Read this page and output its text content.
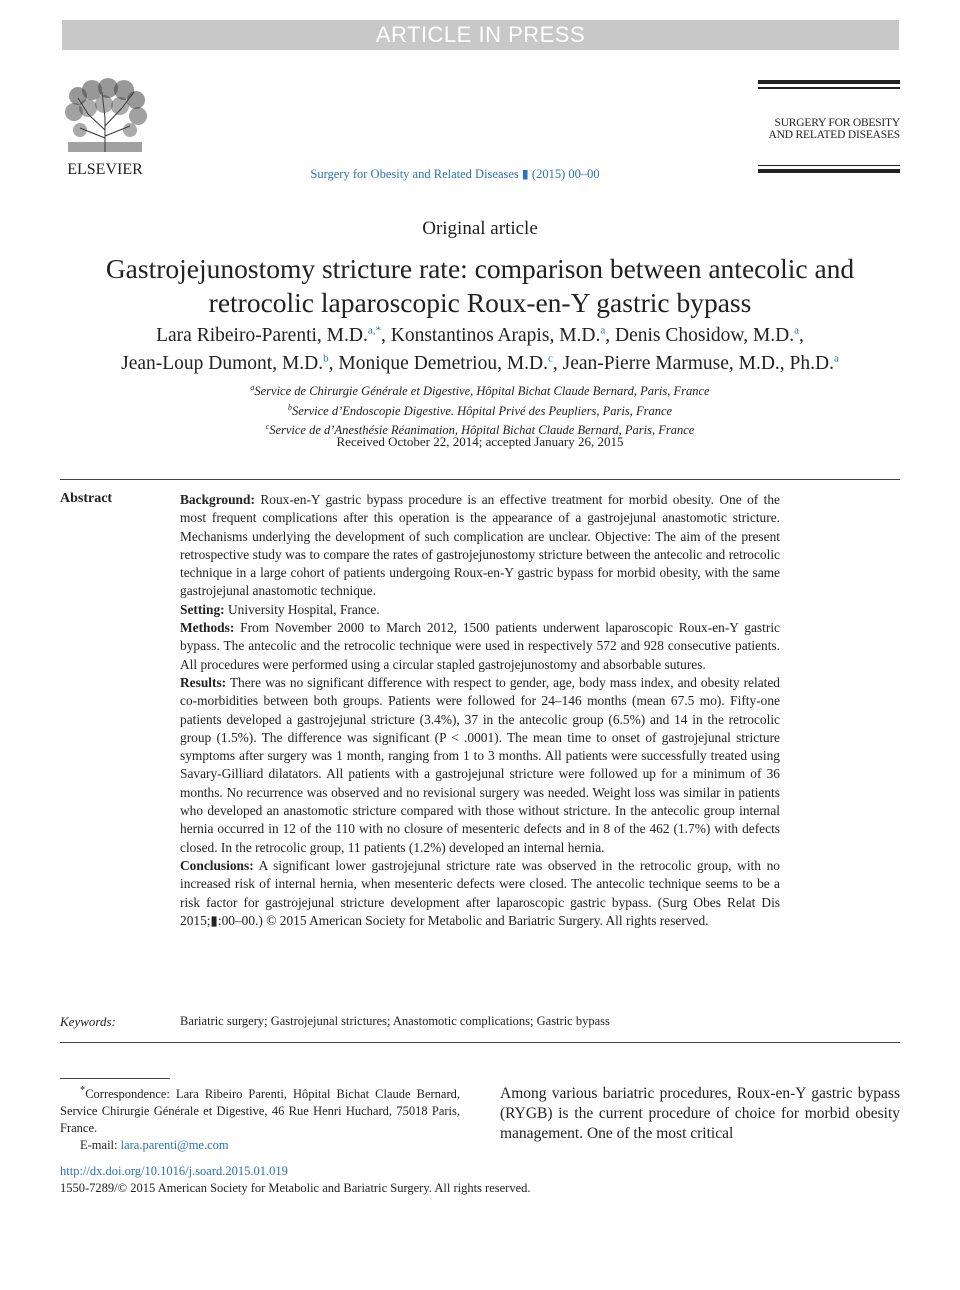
ARTICLE IN PRESS
ELSEVIER	Surgery for Obesity and Related Diseases ▮ (2015) 00–00
SURGERY FOR OBESITY
AND RELATED DISEASES
Original article
Gastrojejunostomy stricture rate: comparison between antecolic and
retrocolic laparoscopic Roux-en-Y gastric bypass
Lara Ribeiro-Parenti, M.D.$^{a,*}$, Konstantinos Arapis, M.D.$^a$, Denis Chosidow, M.D.$^a$,
Jean-Loup Dumont, M.D.$^b$, Monique Demetriou, M.D.$^c$, Jean-Pierre Marmuse, M.D., Ph.D.$^a$
$^a$Service de Chirurgie Générale et Digestive, Hôpital Bichat Claude Bernard, Paris, France
$^b$Service d’Endoscopie Digestive. Hôpital Privé des Peupliers, Paris, France
$^c$Service de d’Anesthésie Réanimation, Hôpital Bichat Claude Bernard, Paris, France
Received October 22, 2014; accepted January 26, 2015
Abstract	Background: Roux-en-Y gastric bypass procedure is an effective treatment for morbid obesity. One of the most frequent complications after this operation is the appearance of a gastrojejunal anastomotic stricture. Mechanisms underlying the development of such complication are unclear. Objective: The aim of the present retrospective study was to compare the rates of gastrojejunostomy stricture between the antecolic and retrocolic technique in a large cohort of patients undergoing Roux-en-Y gastric bypass for morbid obesity, with the same gastrojejunal anastomotic technique.

Setting: University Hospital, France.

Methods: From November 2000 to March 2012, 1500 patients underwent laparoscopic Roux-en-Y gastric bypass. The antecolic and the retrocolic technique were used in respectively 572 and 928 consecutive patients. All procedures were performed using a circular stapled gastrojejunostomy and absorbable sutures.

Results: There was no significant difference with respect to gender, age, body mass index, and obesity related co-morbidities between both groups. Patients were followed for 24–146 months (mean 67.5 mo). Fifty-one patients developed a gastrojejunal stricture (3.4%), 37 in the antecolic group (6.5%) and 14 in the retrocolic group (1.5%). The difference was significant (P < .0001). The mean time to onset of gastrojejunal stricture symptoms after surgery was 1 month, ranging from 1 to 3 months. All patients were successfully treated using Savary-Gilliard dilatators. All patients with a gastrojejunal stricture were followed up for a minimum of 36 months. No recurrence was observed and no revisional surgery was needed. Weight loss was similar in patients who developed an anastomotic stricture compared with those without stricture. In the antecolic group internal hernia occurred in 12 of the 110 with no closure of mesenteric defects and in 8 of the 462 (1.7%) with defects closed. In the retrocolic group, 11 patients (1.2%) developed an internal hernia.

Conclusions: A significant lower gastrojejunal stricture rate was observed in the retrocolic group, with no increased risk of internal hernia, when mesenteric defects were closed. The antecolic technique seems to be a risk factor for gastrojejunal stricture development after laparoscopic gastric bypass. (Surg Obes Relat Dis 2015;▮:00–00.) © 2015 American Society for Metabolic and Bariatric Surgery. All rights reserved.

Keywords:	Bariatric surgery; Gastrojejunal strictures; Anastomotic complications; Gastric bypass

*Correspondence: Lara Ribeiro Parenti, Hôpital Bichat Claude Bernard, Service Chirurgie Générale et Digestive, 46 Rue Henri Huchard, 75018 Paris, France.

E-mail: lara.parenti@me.com

Among various bariatric procedures, Roux-en-Y gastric bypass (RYGB) is the current procedure of choice for morbid obesity management. One of the most critical
http://dx.doi.org/10.1016/j.soard.2015.01.019
1550-7289/© 2015 American Society for Metabolic and Bariatric Surgery. All rights reserved.
